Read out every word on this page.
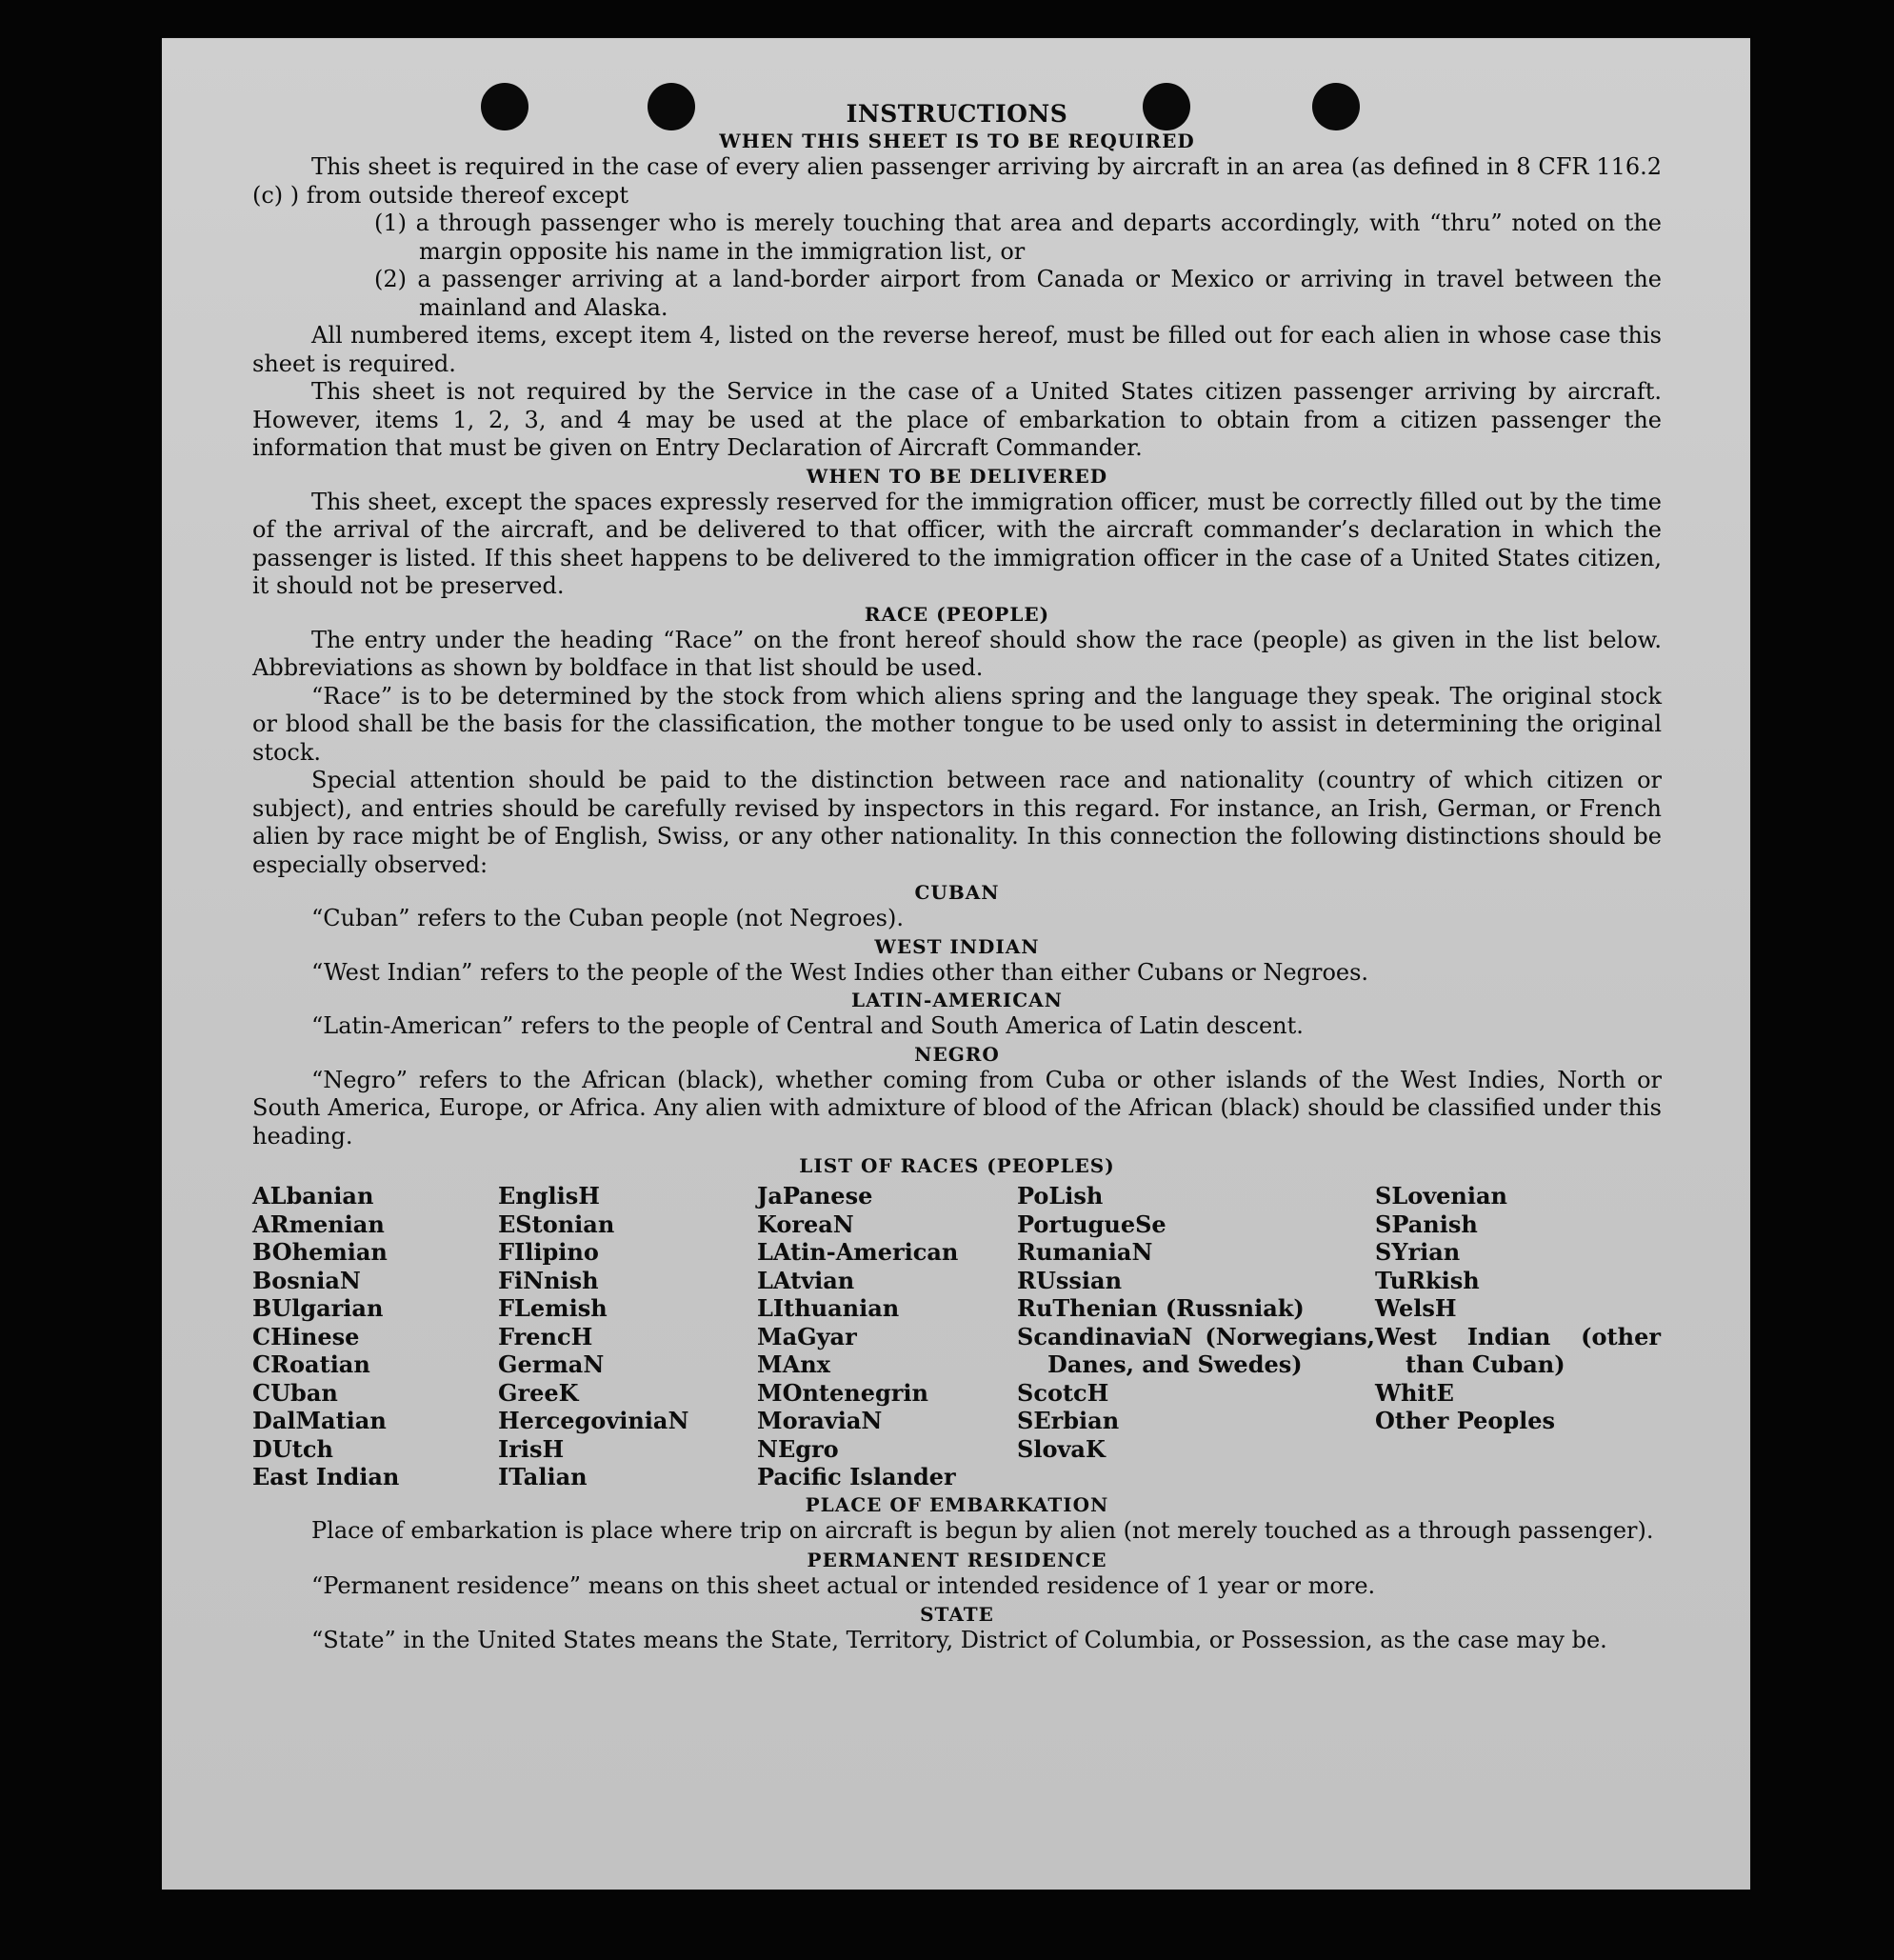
INSTRUCTIONS

WHEN THIS SHEET IS TO BE REQUIRED

This sheet is required in the case of every alien passenger arriving by aircraft in an area (as defined in 8 CFR 116.2 (c) ) from outside thereof except

(1) a through passenger who is merely touching that area and departs accordingly, with “thru” noted on the margin opposite his name in the immigration list, or

(2) a passenger arriving at a land-border airport from Canada or Mexico or arriving in travel between the mainland and Alaska.

All numbered items, except item 4, listed on the reverse hereof, must be filled out for each alien in whose case this sheet is required.

This sheet is not required by the Service in the case of a United States citizen passenger arriving by aircraft. However, items 1, 2, 3, and 4 may be used at the place of embarkation to obtain from a citizen passenger the information that must be given on Entry Declaration of Aircraft Commander.

WHEN TO BE DELIVERED

This sheet, except the spaces expressly reserved for the immigration officer, must be correctly filled out by the time of the arrival of the aircraft, and be delivered to that officer, with the aircraft commander’s declaration in which the passenger is listed. If this sheet happens to be delivered to the immigration officer in the case of a United States citizen, it should not be preserved.

RACE (PEOPLE)

The entry under the heading “Race” on the front hereof should show the race (people) as given in the list below. Abbreviations as shown by boldface in that list should be used.

“Race” is to be determined by the stock from which aliens spring and the language they speak. The original stock or blood shall be the basis for the classification, the mother tongue to be used only to assist in determining the original stock.

Special attention should be paid to the distinction between race and nationality (country of which citizen or subject), and entries should be carefully revised by inspectors in this regard. For instance, an Irish, German, or French alien by race might be of English, Swiss, or any other nationality. In this connection the following distinctions should be especially observed:

CUBAN

“Cuban” refers to the Cuban people (not Negroes).

WEST INDIAN

“West Indian” refers to the people of the West Indies other than either Cubans or Negroes.

LATIN-AMERICAN

“Latin-American” refers to the people of Central and South America of Latin descent.

NEGRO

“Negro” refers to the African (black), whether coming from Cuba or other islands of the West Indies, North or South America, Europe, or Africa. Any alien with admixture of blood of the African (black) should be classified under this heading.

LIST OF RACES (PEOPLES)

ALbanian
ARmenian
BOhemian
BosniaN
BUlgarian
CHinese
CRoatian
CUban
DalMatian
DUtch
East Indian
EnglisH
EStonian
FIlipino
FiNnish
FLemish
FrencH
GermaN
GreeK
HercegoviniaN
IrisH
ITalian
JaPanese
KoreaN
LAtin-American
LAtvian
LIthuanian
MaGyar
MAnx
MOntenegrin
MoraviaN
NEgro
Pacific Islander
PoLish
PortugueSe
RumaniaN
RUssian
RuThenian (Russniak)
ScandinaviaN (Norwegians, Danes, and Swedes)
ScotcH
SErbian
SlovaK
SLovenian
SPanish
SYrian
TuRkish
WelsH
West Indian (other than Cuban)
WhitE
Other Peoples

PLACE OF EMBARKATION

Place of embarkation is place where trip on aircraft is begun by alien (not merely touched as a through passenger).

PERMANENT RESIDENCE

“Permanent residence” means on this sheet actual or intended residence of 1 year or more.

STATE

“State” in the United States means the State, Territory, District of Columbia, or Possession, as the case may be.
